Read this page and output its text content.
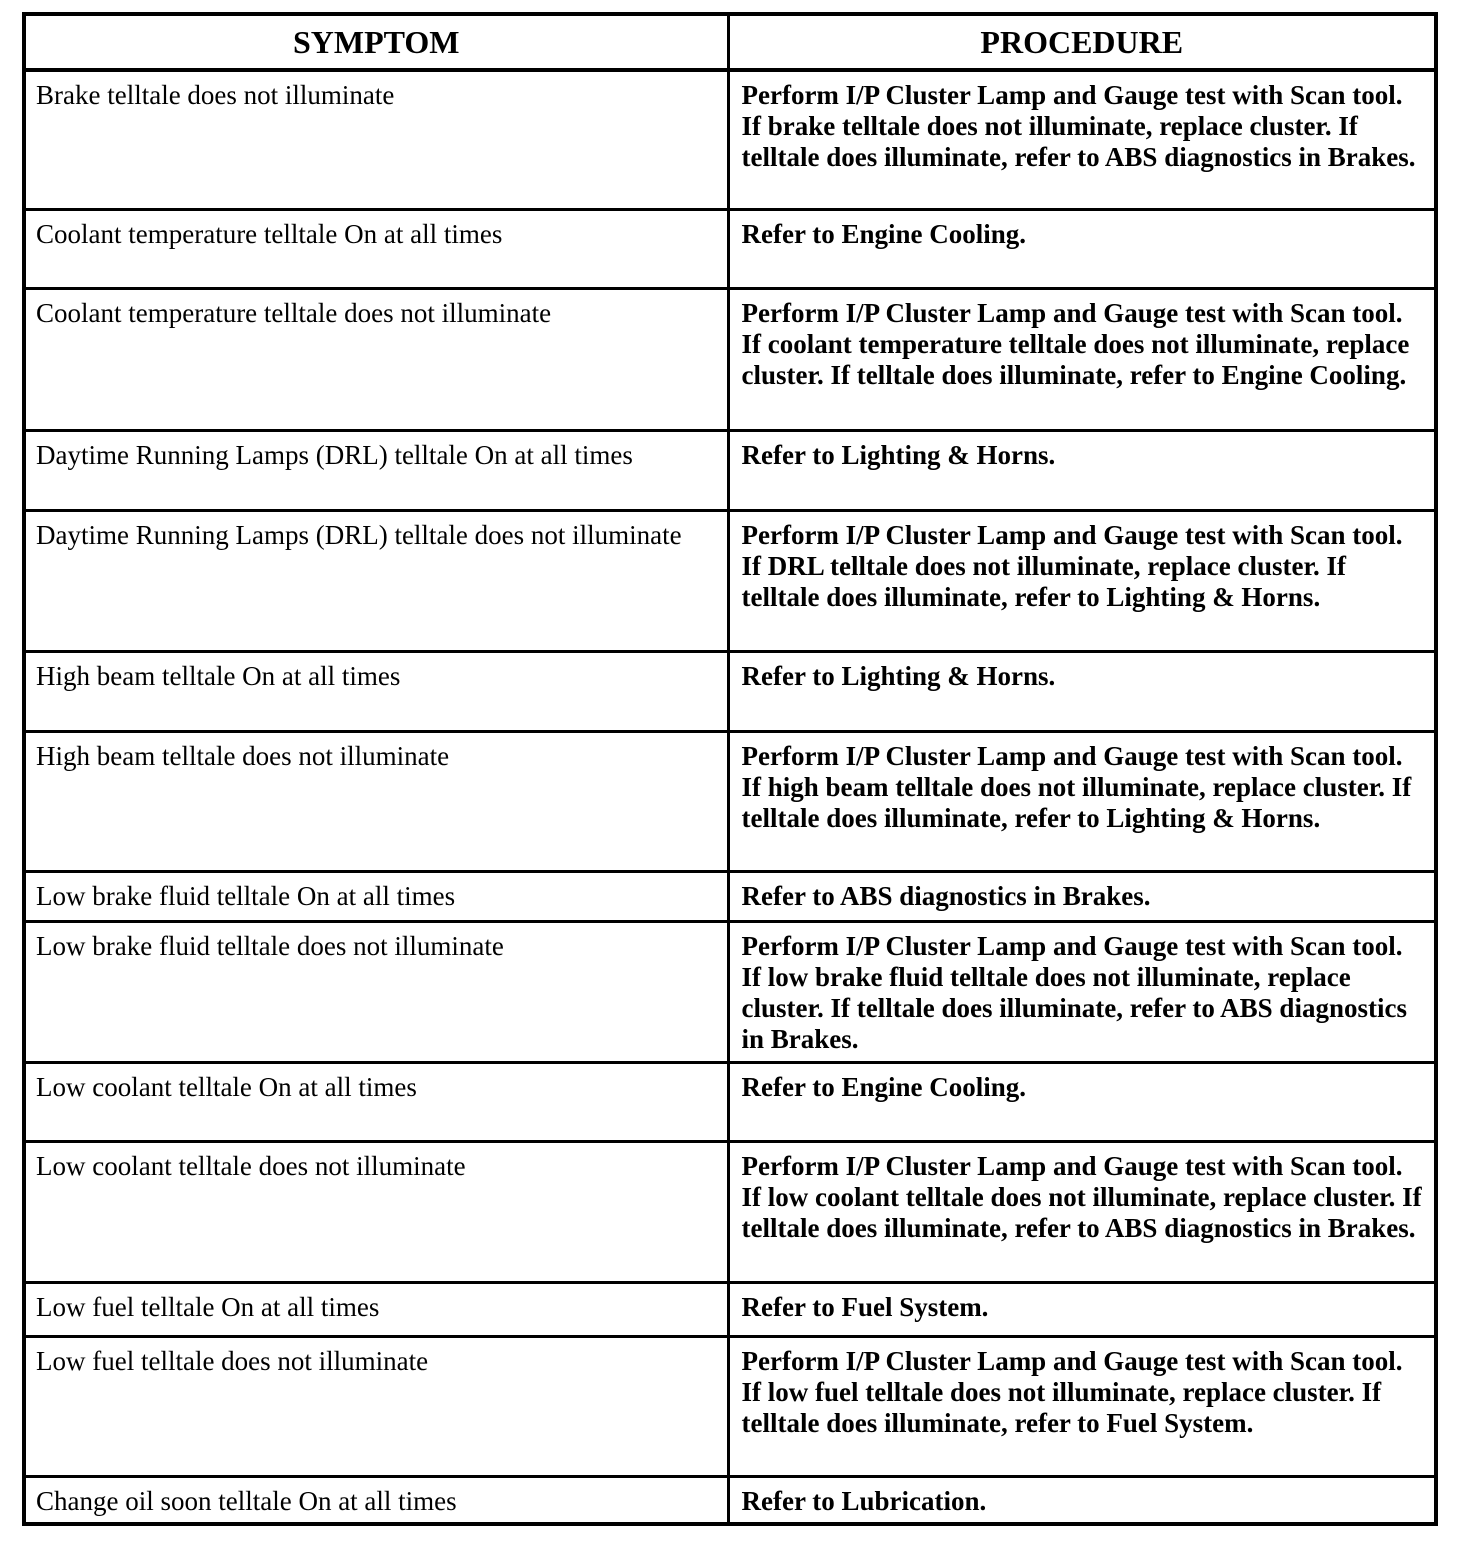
SYMPTOM	PROCEDURE
Brake telltale does not illuminate	Perform I/P Cluster Lamp and Gauge test with Scan tool. If brake telltale does not illuminate, replace cluster. If telltale does illuminate, refer to ABS diagnostics in Brakes.
Coolant temperature telltale On at all times	Refer to Engine Cooling.
Coolant temperature telltale does not illuminate	Perform I/P Cluster Lamp and Gauge test with Scan tool. If coolant temperature telltale does not illuminate, replace cluster. If telltale does illuminate, refer to Engine Cooling.
Daytime Running Lamps (DRL) telltale On at all times	Refer to Lighting & Horns.
Daytime Running Lamps (DRL) telltale does not illuminate	Perform I/P Cluster Lamp and Gauge test with Scan tool. If DRL telltale does not illuminate, replace cluster. If telltale does illuminate, refer to Lighting & Horns.
High beam telltale On at all times	Refer to Lighting & Horns.
High beam telltale does not illuminate	Perform I/P Cluster Lamp and Gauge test with Scan tool. If high beam telltale does not illuminate, replace cluster. If telltale does illuminate, refer to Lighting & Horns.
Low brake fluid telltale On at all times	Refer to ABS diagnostics in Brakes.
Low brake fluid telltale does not illuminate	Perform I/P Cluster Lamp and Gauge test with Scan tool. If low brake fluid telltale does not illuminate, replace cluster. If telltale does illuminate, refer to ABS diagnostics in Brakes.
Low coolant telltale On at all times	Refer to Engine Cooling.
Low coolant telltale does not illuminate	Perform I/P Cluster Lamp and Gauge test with Scan tool. If low coolant telltale does not illuminate, replace cluster. If telltale does illuminate, refer to ABS diagnostics in Brakes.
Low fuel telltale On at all times	Refer to Fuel System.
Low fuel telltale does not illuminate	Perform I/P Cluster Lamp and Gauge test with Scan tool. If low fuel telltale does not illuminate, replace cluster. If telltale does illuminate, refer to Fuel System.
Change oil soon telltale On at all times	Refer to Lubrication.
